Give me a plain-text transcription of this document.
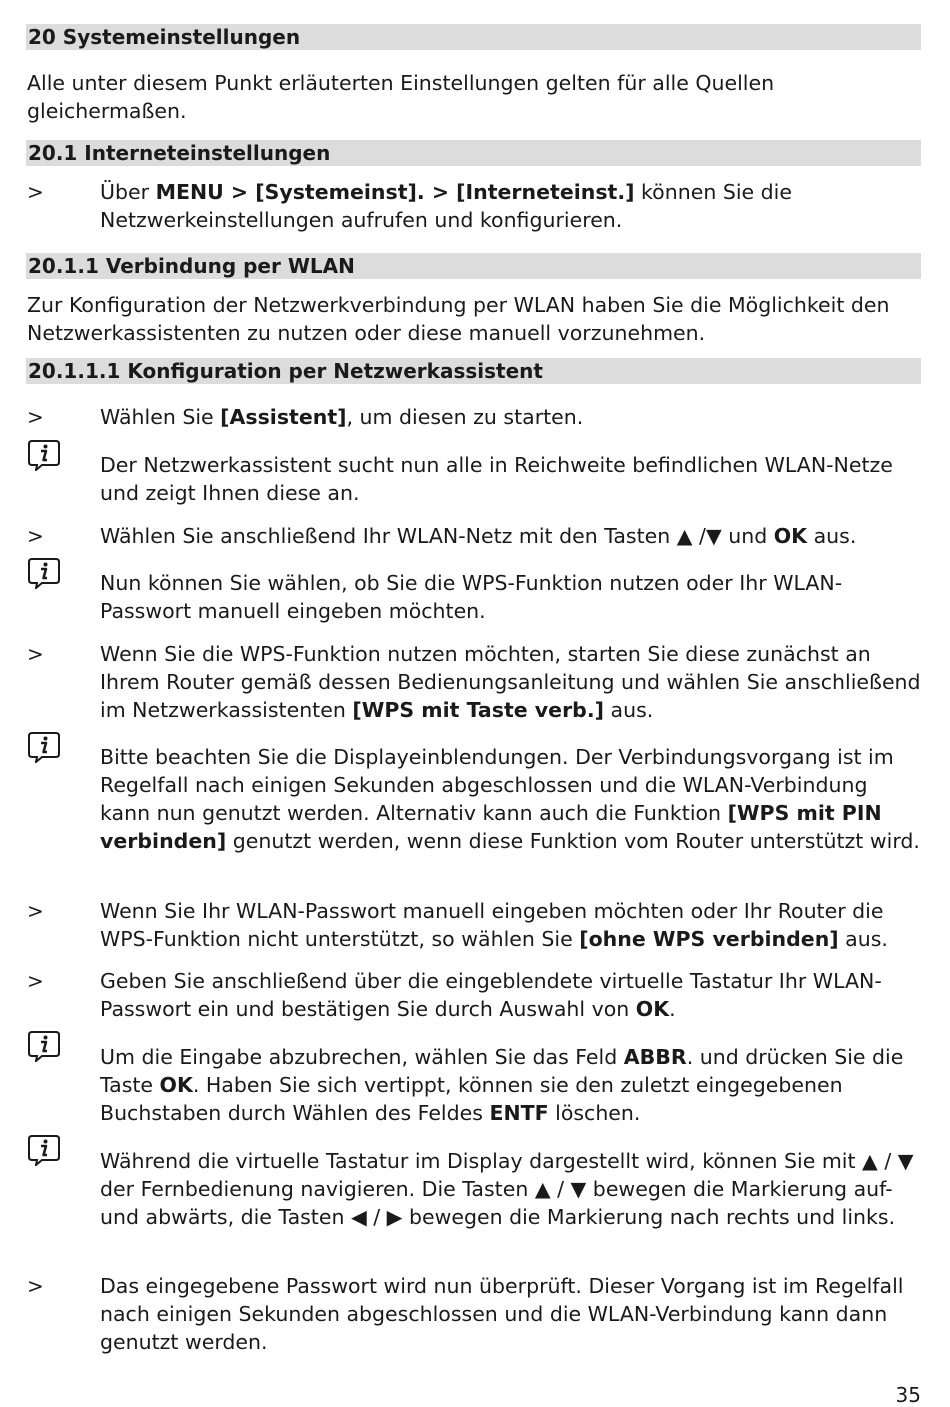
20 Systemeinstellungen
Alle unter diesem Punkt erläuterten Einstellungen gelten für alle Quellen gleichermaßen.
20.1 Interneteinstellungen
>	Über MENU > [Systemeinst]. > [Interneteinst.] können Sie die Netzwerkeinstellungen aufrufen und konfigurieren.
20.1.1 Verbindung per WLAN
Zur Konfiguration der Netzwerkverbindung per WLAN haben Sie die Möglichkeit den Netzwerkassistenten zu nutzen oder diese manuell vorzunehmen.
20.1.1.1 Konfiguration per Netzwerkassistent
>	Wählen Sie [Assistent], um diesen zu starten.
Der Netzwerkassistent sucht nun alle in Reichweite befindlichen WLAN-Netze und zeigt Ihnen diese an.
>	Wählen Sie anschließend Ihr WLAN-Netz mit den Tasten ▲ /▼ und OK aus.
Nun können Sie wählen, ob Sie die WPS-Funktion nutzen oder Ihr WLAN-Passwort manuell eingeben möchten.
>	Wenn Sie die WPS-Funktion nutzen möchten, starten Sie diese zunächst an Ihrem Router gemäß dessen Bedienungsanleitung und wählen Sie anschließend im Netzwerkassistenten [WPS mit Taste verb.] aus.
Bitte beachten Sie die Displayeinblendungen. Der Verbindungsvorgang ist im Regelfall nach einigen Sekunden abgeschlossen und die WLAN-Verbindung kann nun genutzt werden. Alternativ kann auch die Funktion [WPS mit PIN verbinden] genutzt werden, wenn diese Funktion vom Router unterstützt wird.
>	Wenn Sie Ihr WLAN-Passwort manuell eingeben möchten oder Ihr Router die WPS-Funktion nicht unterstützt, so wählen Sie [ohne WPS verbinden] aus.
>	Geben Sie anschließend über die eingeblendete virtuelle Tastatur Ihr WLAN-Passwort ein und bestätigen Sie durch Auswahl von OK.
Um die Eingabe abzubrechen, wählen Sie das Feld ABBR. und drücken Sie die Taste OK. Haben Sie sich vertippt, können sie den zuletzt eingegebenen Buchstaben durch Wählen des Feldes ENTF löschen.
Während die virtuelle Tastatur im Display dargestellt wird, können Sie mit ▲ / ▼ der Fernbedienung navigieren. Die Tasten ▲ / ▼ bewegen die Markierung auf- und abwärts, die Tasten ◀ / ▶ bewegen die Markierung nach rechts und links.
>	Das eingegebene Passwort wird nun überprüft. Dieser Vorgang ist im Regelfall nach einigen Sekunden abgeschlossen und die WLAN-Verbindung kann dann genutzt werden.
35
